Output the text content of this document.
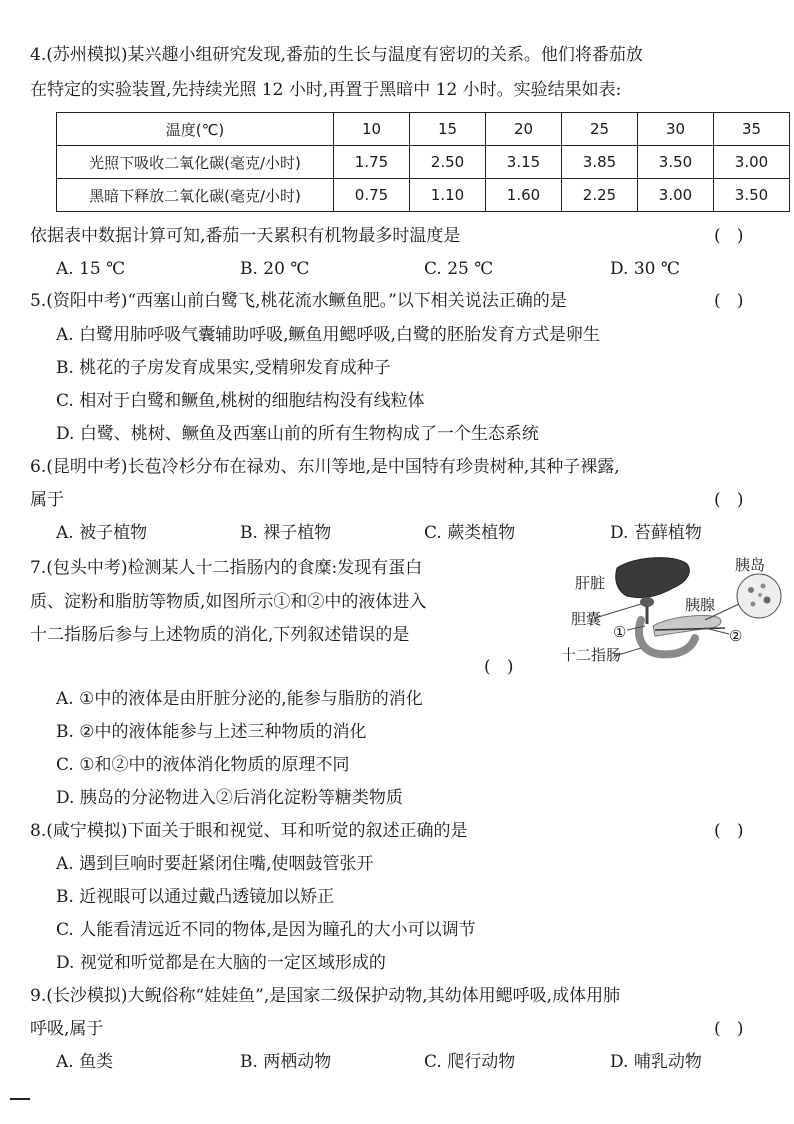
4.(苏州模拟)某兴趣小组研究发现,番茄的生长与温度有密切的关系。他们将番茄放
在特定的实验装置,先持续光照 12 小时,再置于黑暗中 12 小时。实验结果如表:
温度(℃)	10	15	20	25	30	35
光照下吸收二氧化碳(毫克/小时)	1.75	2.50	3.15	3.85	3.50	3.00
黑暗下释放二氧化碳(毫克/小时)	0.75	1.10	1.60	2.25	3.00	3.50
依据表中数据计算可知,番茄一天累积有机物最多时温度是	(   )
A. 15 ℃	B. 20 ℃	C. 25 ℃	D. 30 ℃
5.(资阳中考)“西塞山前白鹭飞,桃花流水鳜鱼肥。”以下相关说法正确的是	(   )
A. 白鹭用肺呼吸气囊辅助呼吸,鳜鱼用鳃呼吸,白鹭的胚胎发育方式是卵生
B. 桃花的子房发育成果实,受精卵发育成种子
C. 相对于白鹭和鳜鱼,桃树的细胞结构没有线粒体
D. 白鹭、桃树、鳜鱼及西塞山前的所有生物构成了一个生态系统
6.(昆明中考)长苞冷杉分布在禄劝、东川等地,是中国特有珍贵树种,其种子裸露,
属于	(   )
A. 被子植物	B. 裸子植物	C. 蕨类植物	D. 苔藓植物
7.(包头中考)检测某人十二指肠内的食糜:发现有蛋白
质、淀粉和脂肪等物质,如图所示①和②中的液体进入
十二指肠后参与上述物质的消化,下列叙述错误的是
(   )
肝脏
胰岛
胰腺
胆囊
①	②
十二指肠
A. ①中的液体是由肝脏分泌的,能参与脂肪的消化
B. ②中的液体能参与上述三种物质的消化
C. ①和②中的液体消化物质的原理不同
D. 胰岛的分泌物进入②后消化淀粉等糖类物质
8.(咸宁模拟)下面关于眼和视觉、耳和听觉的叙述正确的是	(   )
A. 遇到巨响时要赶紧闭住嘴,使咽鼓管张开
B. 近视眼可以通过戴凸透镜加以矫正
C. 人能看清远近不同的物体,是因为瞳孔的大小可以调节
D. 视觉和听觉都是在大脑的一定区域形成的
9.(长沙模拟)大鲵俗称“娃娃鱼”,是国家二级保护动物,其幼体用鳃呼吸,成体用肺
呼吸,属于	(   )
A. 鱼类	B. 两栖动物	C. 爬行动物	D. 哺乳动物
